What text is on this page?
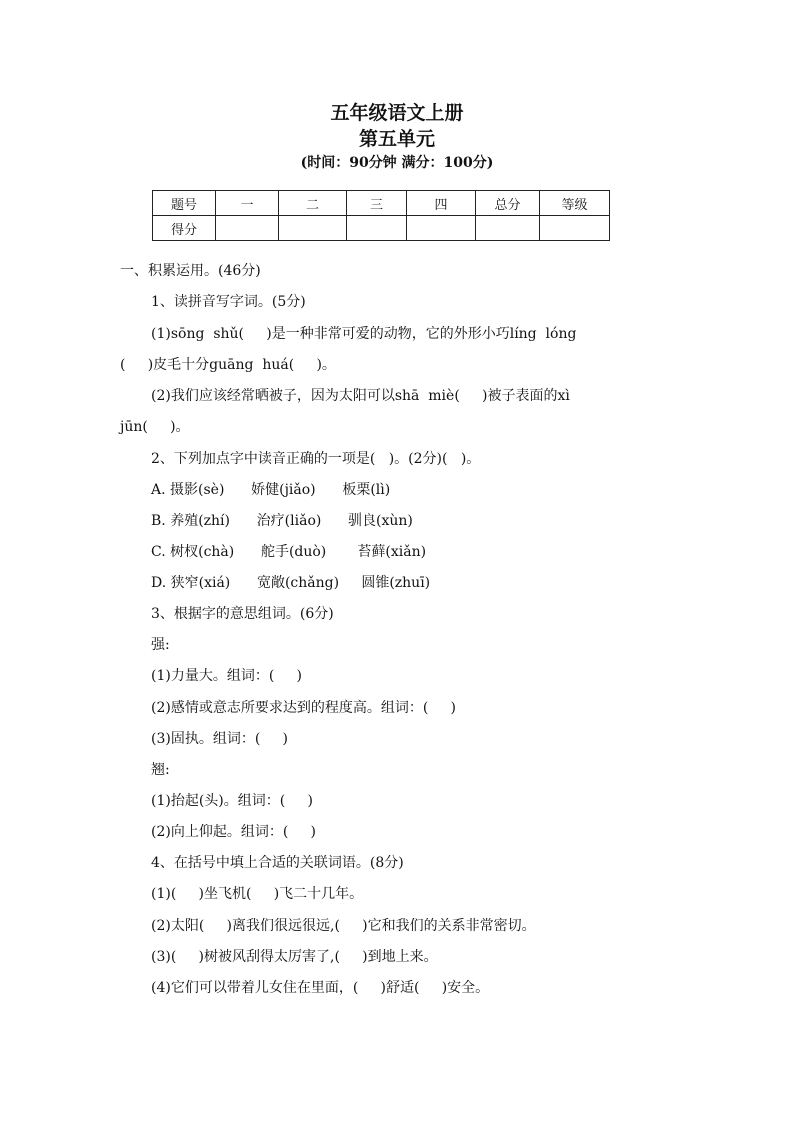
五年级语文上册
第五单元
(时间：90分钟 满分：100分)
题号	一	二	三	四	总分	等级
得分						
一、积累运用。(46分)
1、读拼音写字词。(5分)
(1)sōng  shǔ(     )是一种非常可爱的动物，它的外形小巧líng  lóng
(     )皮毛十分guāng  huá(     )。
(2)我们应该经常晒被子，因为太阳可以shā  miè(     )被子表面的xì
jūn(     )。
2、下列加点字中读音正确的一项是(   )。(2分)(   )。
A. 摄影(sè)      娇健(jiǎo)      板栗(lì)
B. 养殖(zhí)      治疗(liǎo)      驯良(xùn)
C. 树杈(chà)      舵手(duò)       苔藓(xiǎn)
D. 狭窄(xiá)      宽敞(chǎng)     圆锥(zhuī)
3、根据字的意思组词。(6分)
强:
(1)力量大。组词：(     )
(2)感情或意志所要求达到的程度高。组词：(     )
(3)固执。组词：(     )
翘:
(1)抬起(头)。组词：(     )
(2)向上仰起。组词：(     )
4、在括号中填上合适的关联词语。(8分)
(1)(     )坐飞机(     )飞二十几年。
(2)太阳(     )离我们很远很远,(     )它和我们的关系非常密切。
(3)(     )树被风刮得太厉害了,(     )到地上来。
(4)它们可以带着儿女住在里面，(     )舒适(     )安全。
